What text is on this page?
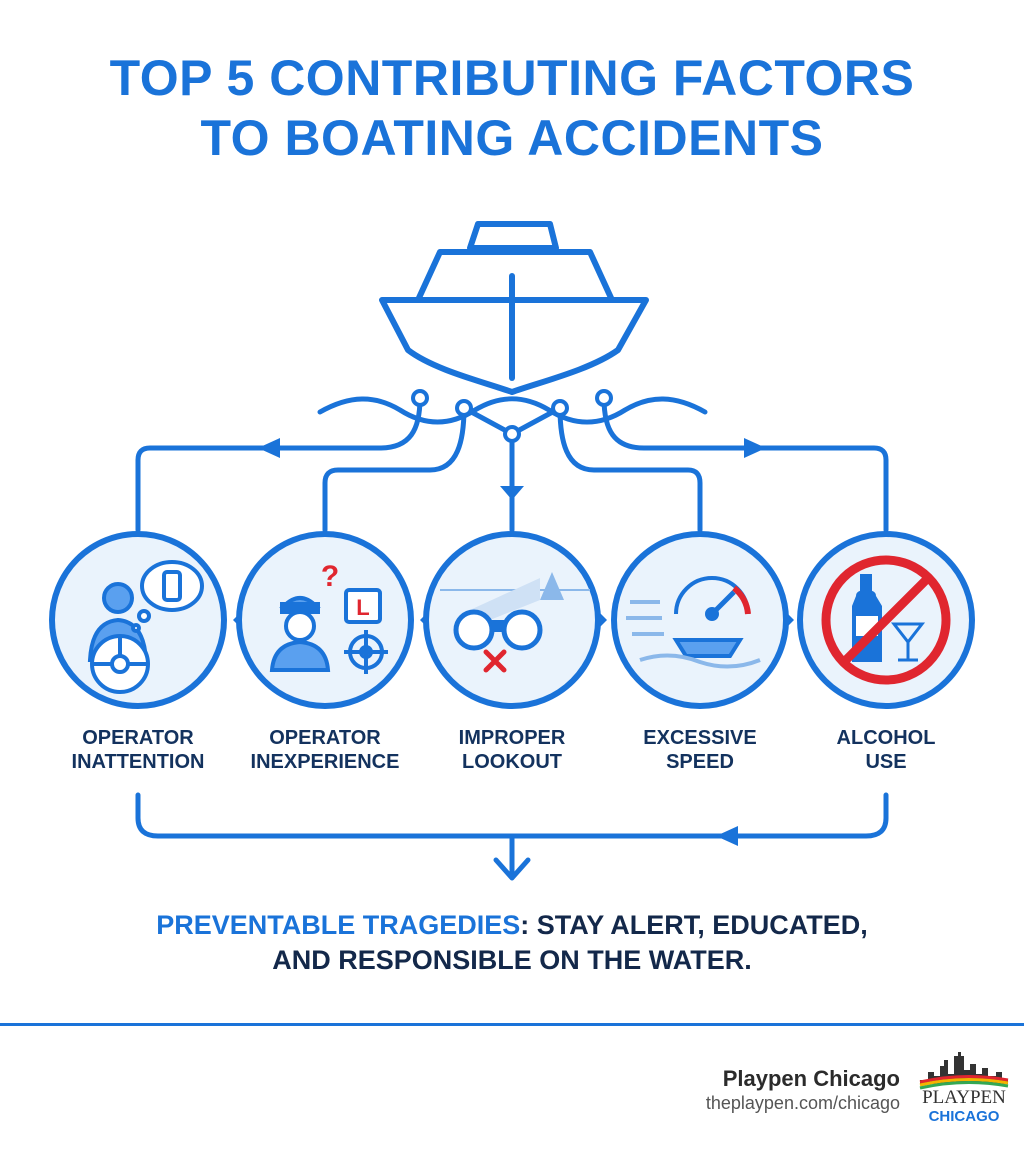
TOP 5 CONTRIBUTING FACTORS
TO BOATING ACCIDENTS
?
L
OPERATOR
INATTENTION
OPERATOR
INEXPERIENCE
IMPROPER
LOOKOUT
EXCESSIVE
SPEED
ALCOHOL
USE
PREVENTABLE TRAGEDIES: STAY ALERT, EDUCATED,
AND RESPONSIBLE ON THE WATER.
Playpen Chicago
theplaypen.com/chicago PLAYPEN
CHICAGO
